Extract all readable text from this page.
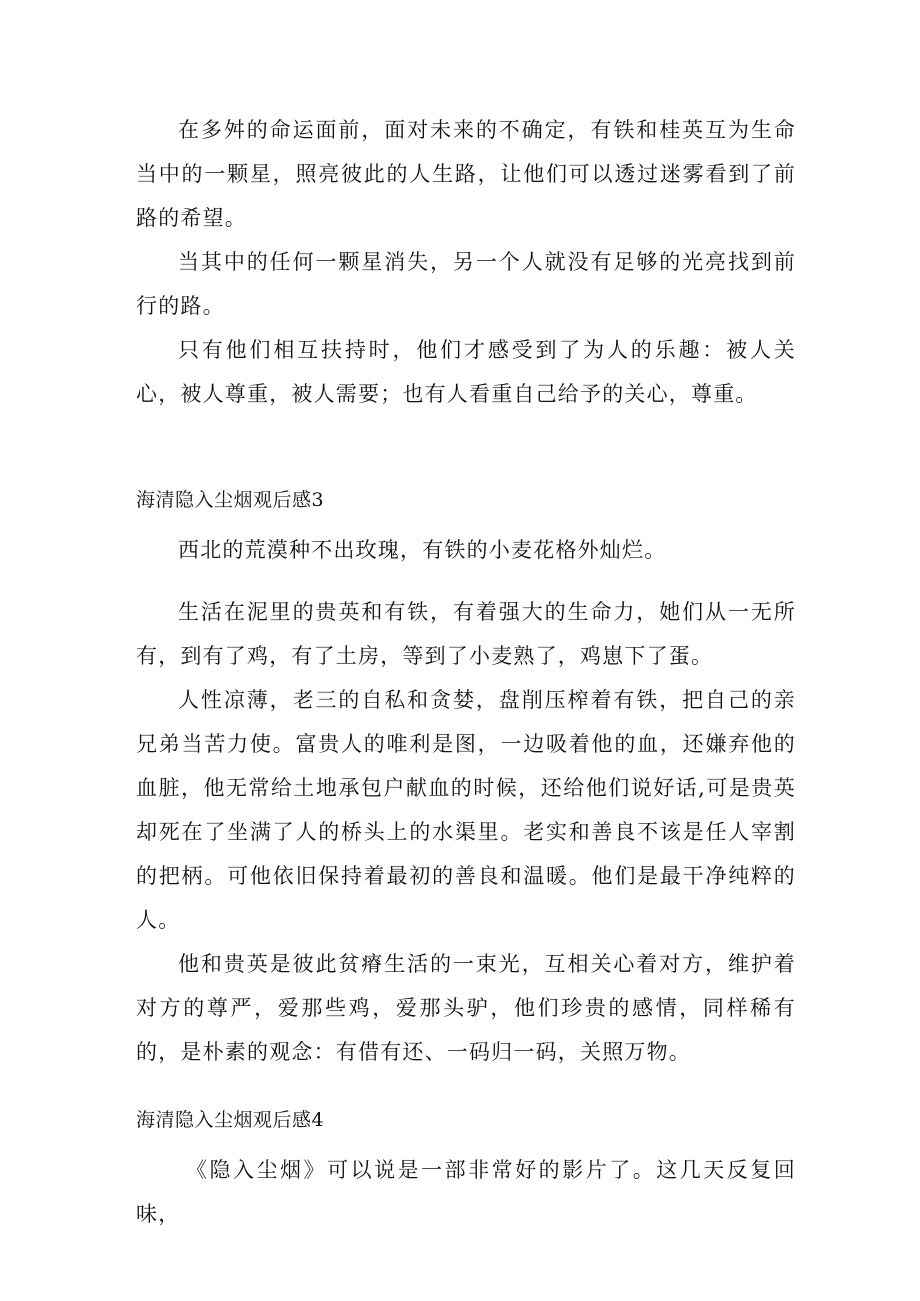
在多舛的命运面前，面对未来的不确定，有铁和桂英互为生命当中的一颗星，照亮彼此的人生路，让他们可以透过迷雾看到了前路的希望。

当其中的任何一颗星消失，另一个人就没有足够的光亮找到前行的路。

只有他们相互扶持时，他们才感受到了为人的乐趣：被人关心，被人尊重，被人需要；也有人看重自己给予的关心，尊重。

海清隐入尘烟观后感3

西北的荒漠种不出玫瑰，有铁的小麦花格外灿烂。

生活在泥里的贵英和有铁，有着强大的生命力，她们从一无所有，到有了鸡，有了土房，等到了小麦熟了，鸡崽下了蛋。

人性凉薄，老三的自私和贪婪，盘削压榨着有铁，把自己的亲兄弟当苦力使。富贵人的唯利是图，一边吸着他的血，还嫌弃他的血脏，他无常给土地承包户献血的时候，还给他们说好话,可是贵英却死在了坐满了人的桥头上的水渠里。老实和善良不该是任人宰割的把柄。可他依旧保持着最初的善良和温暖。他们是最干净纯粹的人。

他和贵英是彼此贫瘠生活的一束光，互相关心着对方，维护着对方的尊严，爱那些鸡，爱那头驴，他们珍贵的感情，同样稀有的，是朴素的观念：有借有还、一码归一码，关照万物。

海清隐入尘烟观后感4

《隐入尘烟》可以说是一部非常好的影片了。这几天反复回味，
